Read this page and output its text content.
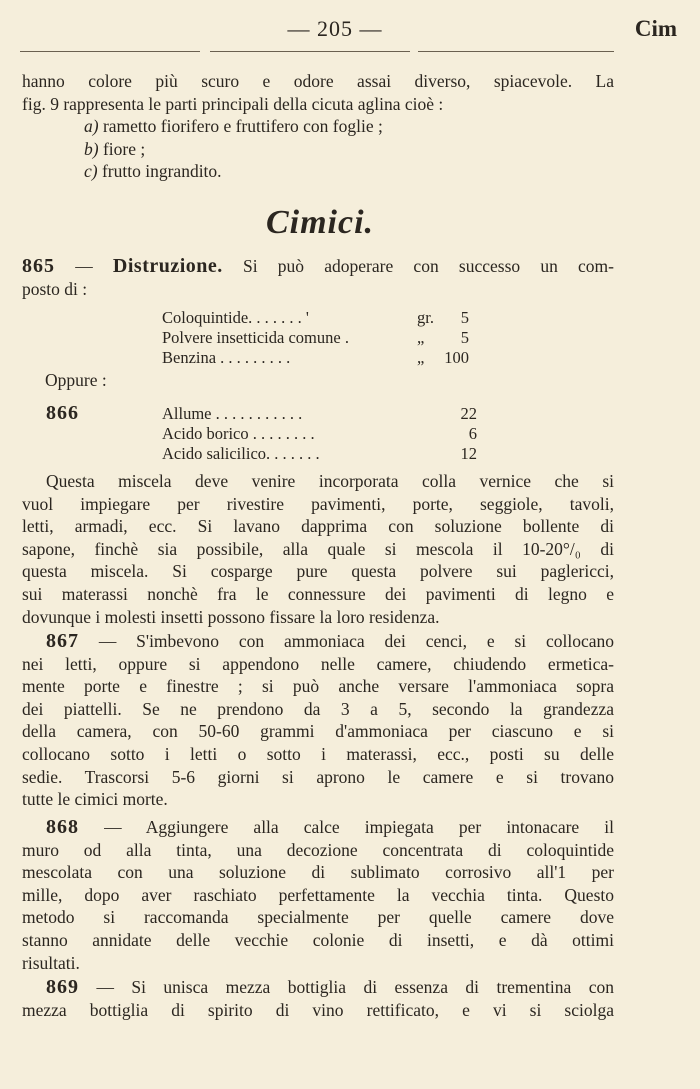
— 205 —	Cim
hanno colore più scuro e odore assai diverso, spiacevole. La
fig. 9 rappresenta le parti principali della cicuta aglina cioè :
a) rametto fiorifero e fruttifero con foglie ;
b) fiore ;
c) frutto ingrandito.
Cimici.
865 — Distruzione. Si può adoperare con successo un com-
posto di :
Coloquintide. . . . . . . '	gr.	5
Polvere insetticida comune .	„	5
Benzina . . . . . . . . .	„	100
Oppure :
866	Allume . . . . . . . . . . .	22
Acido borico . . . . . . . .	6
Acido salicilico. . . . . . .	12
Questa miscela deve venire incorporata colla vernice che si
vuol impiegare per rivestire pavimenti, porte, seggiole, tavoli,
letti, armadi, ecc. Si lavano dapprima con soluzione bollente di
sapone, finchè sia possibile, alla quale si mescola il 10-20°/₀ di
questa miscela. Si cosparge pure questa polvere sui paglericci,
sui materassi nonchè fra le connessure dei pavimenti di legno e
dovunque i molesti insetti possono fissare la loro residenza.
867 — S'imbevono con ammoniaca dei cenci, e si collocano
nei letti, oppure si appendono nelle camere, chiudendo ermetica-
mente porte e finestre ; si può anche versare l'ammoniaca sopra
dei piattelli. Se ne prendono da 3 a 5, secondo la grandezza
della camera, con 50-60 grammi d'ammoniaca per ciascuno e si
collocano sotto i letti o sotto i materassi, ecc., posti su delle
sedie. Trascorsi 5-6 giorni si aprono le camere e si trovano
tutte le cimici morte.
868 — Aggiungere alla calce impiegata per intonacare il
muro od alla tinta, una decozione concentrata di coloquintide
mescolata con una soluzione di sublimato corrosivo all'1 per
mille, dopo aver raschiato perfettamente la vecchia tinta. Questo
metodo si raccomanda specialmente per quelle camere dove
stanno annidate delle vecchie colonie di insetti, e dà ottimi
risultati.
869 — Si unisca mezza bottiglia di essenza di trementina con
mezza bottiglia di spirito di vino rettificato, e vi si sciolga
